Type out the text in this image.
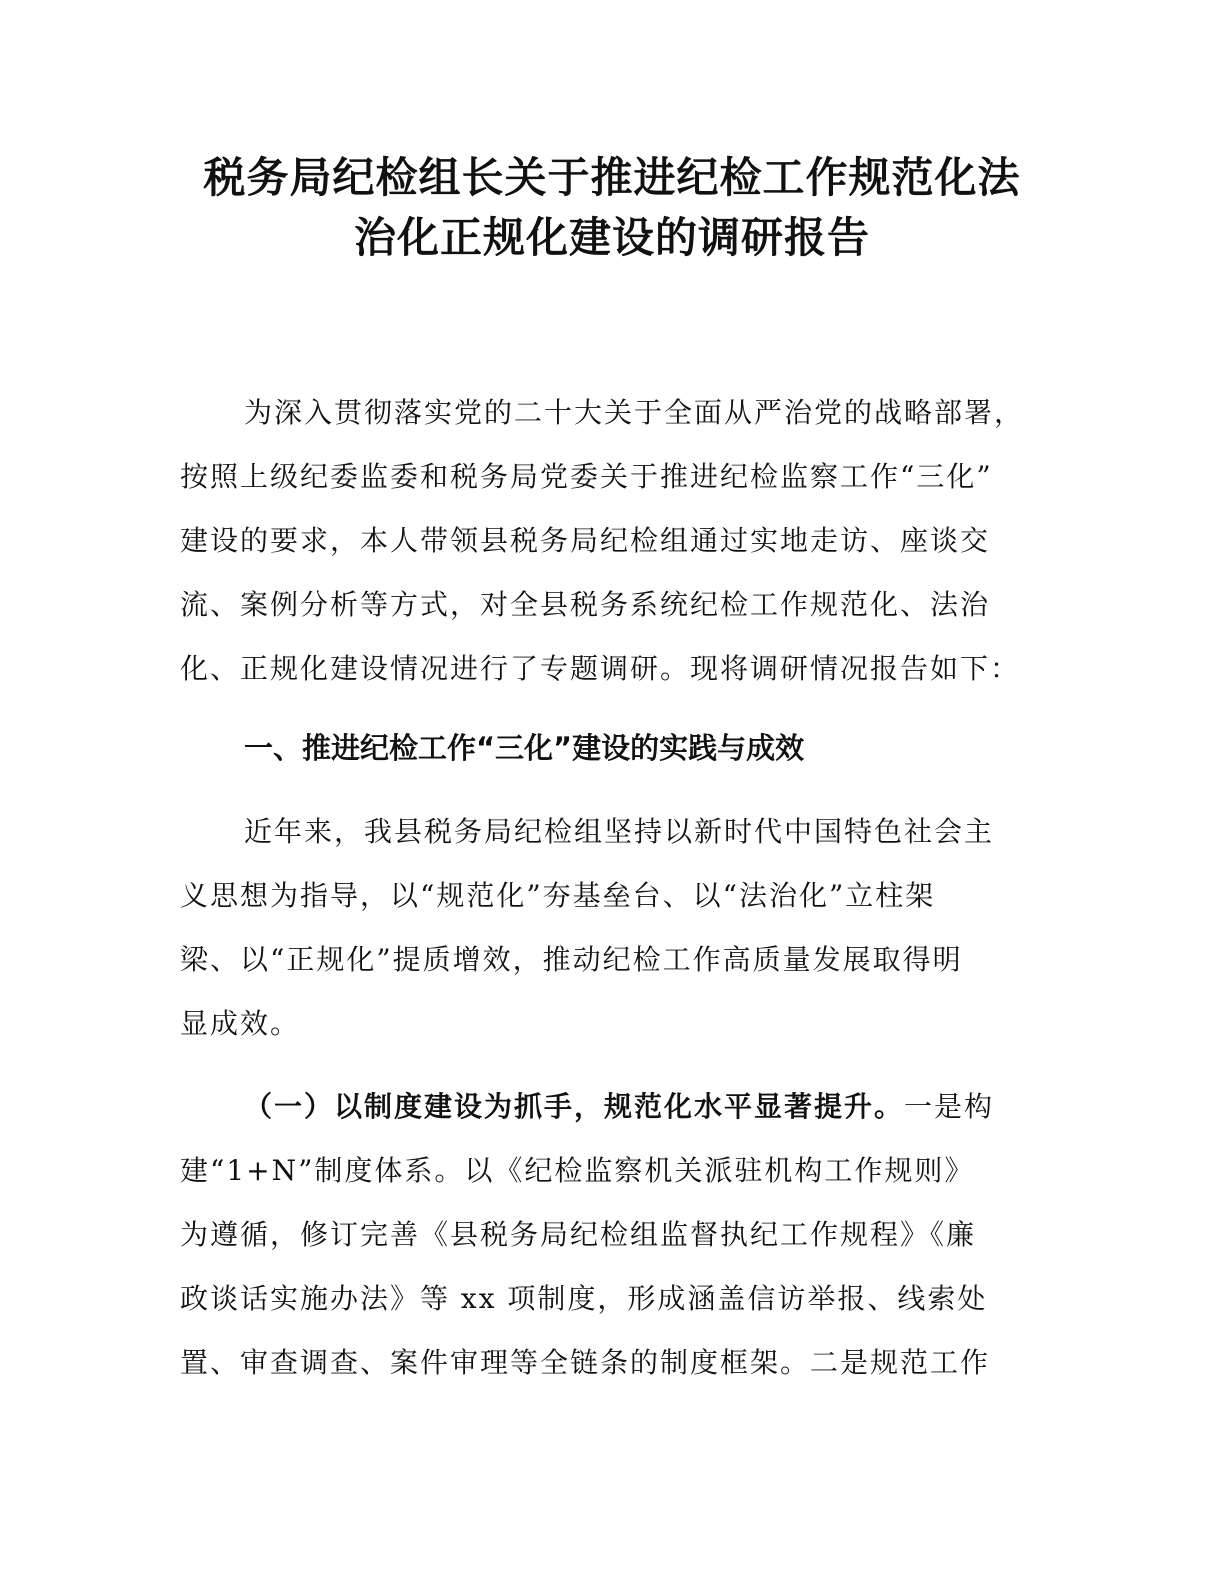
税务局纪检组长关于推进纪检工作规范化法
治化正规化建设的调研报告

为深入贯彻落实党的二十大关于全面从严治党的战略部署，

按照上级纪委监委和税务局党委关于推进纪检监察工作“三化”

建设的要求，本人带领县税务局纪检组通过实地走访、座谈交

流、案例分析等方式，对全县税务系统纪检工作规范化、法治

化、正规化建设情况进行了专题调研。现将调研情况报告如下：

一、推进纪检工作“三化”建设的实践与成效

近年来，我县税务局纪检组坚持以新时代中国特色社会主

义思想为指导，以“规范化”夯基垒台、以“法治化”立柱架

梁、以“正规化”提质增效，推动纪检工作高质量发展取得明

显成效。

（一）以制度建设为抓手，规范化水平显著提升。一是构

建“1+N”制度体系。以《纪检监察机关派驻机构工作规则》

为遵循，修订完善《县税务局纪检组监督执纪工作规程》《廉

政谈话实施办法》等 xx 项制度，形成涵盖信访举报、线索处

置、审查调查、案件审理等全链条的制度框架。二是规范工作
